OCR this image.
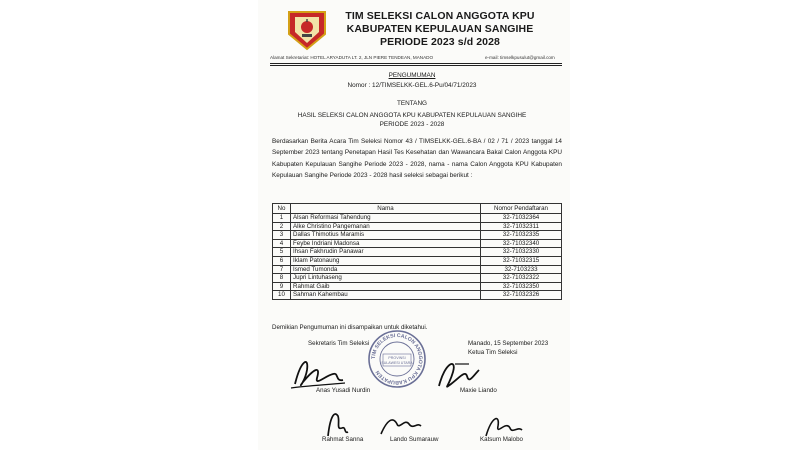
TIM SELEKSI CALON ANGGOTA KPU
KABUPATEN KEPULAUAN SANGIHE
PERIODE 2023 s/d 2028
Alamat Sekretariat: HOTEL ARYADUTA LT. 2, JLN PIERE TENDEAN, MANADO	e-mail: timselkpusulut@gmail.com
PENGUMUMAN
Nomor : 12/TIMSELKK-GEL.6-Pu/04/71/2023
TENTANG
HASIL SELEKSI CALON ANGGOTA KPU KABUPATEN KEPULAUAN SANGIHE
PERIODE 2023 - 2028
Berdasarkan Berita Acara Tim Seleksi Nomor 43 / TIMSELKK-GEL.6-BA / 02 / 71 / 2023 tanggal 14 September 2023 tentang Penetapan Hasil Tes Kesehatan dan Wawancara Bakal Calon Anggota KPU Kabupaten Kepulauan Sangihe Periode 2023 - 2028, nama - nama Calon Anggota KPU Kabupaten Kepulauan Sangihe Periode 2023 - 2028 hasil seleksi sebagai berikut :
No	Nama	Nomor Pendaftaran
1	Alsan Reformasi Tahendung	32-71032364
2	Alke Christino Pangemanan	32-71032311
3	Dallas Thimotius Maramis	32-71032335
4	Feybe Indriani Madonsa	32-71032340
5	Ihsan Fakhrudin Panawar	32-71032330
6	Iklam Patonaung	32-71032315
7	Ismed Tumonda	32-7103233
8	Jupri Lintuhaseng	32-71032322
9	Rahmat Gaib	32-71032350
10	Sahman Kahembau	32-71032326
Demikian Pengumuman ini disampaikan untuk diketahui.
TIM SELEKSI CALON ANGGOTA KPU KABUPATEN
PROVINSI
SULAWESI UTARA
Sekretaris Tim Seleksi	Manado, 15 September 2023
Ketua Tim Seleksi
Anas Yusadi Nurdin	Maxie Liando
Rahmat Sanna	Lando Sumarauw	Katsum Malobo
